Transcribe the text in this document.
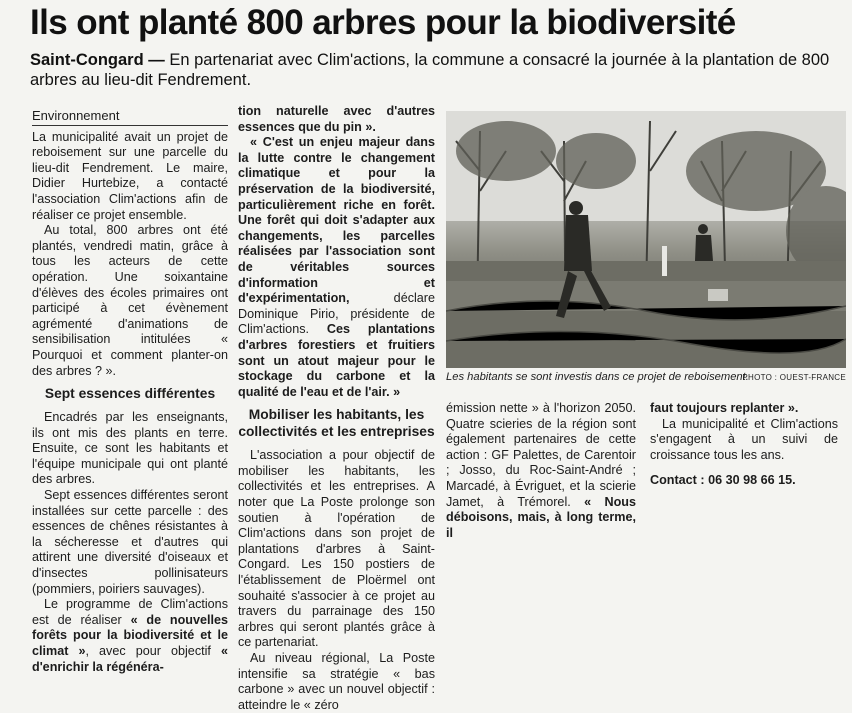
Ils ont planté 800 arbres pour la biodiversité

Saint-Congard — En partenariat avec Clim'actions, la commune a consacré la journée à la plantation de 800 arbres au lieu-dit Fendrement.

Environnement

La municipalité avait un projet de reboisement sur une parcelle du lieu-dit Fendrement. Le maire, Didier Hurtebize, a contacté l'association Clim'actions afin de réaliser ce projet ensemble.

Au total, 800 arbres ont été plantés, vendredi matin, grâce à tous les acteurs de cette opération. Une soixantaine d'élèves des écoles primaires ont participé à cet évènement agrémenté d'animations de sensibilisation intitulées « Pourquoi et comment planter-on des arbres ? ».

Sept essences différentes

Encadrés par les enseignants, ils ont mis des plants en terre. Ensuite, ce sont les habitants et l'équipe municipale qui ont planté des arbres.

Sept essences différentes seront installées sur cette parcelle : des essences de chênes résistantes à la sécheresse et d'autres qui attirent une diversité d'oiseaux et d'insectes pollinisateurs (pommiers, poiriers sauvages).

Le programme de Clim'actions est de réaliser « de nouvelles forêts pour la biodiversité et le climat », avec pour objectif « d'enrichir la régénéra-

tion naturelle avec d'autres essences que du pin ».

« C'est un enjeu majeur dans la lutte contre le changement climatique et pour la préservation de la biodiversité, particulièrement riche en forêt. Une forêt qui doit s'adapter aux changements, les parcelles réalisées par l'association sont de véritables sources d'information et d'expérimentation, déclare Dominique Pirio, présidente de Clim'actions. Ces plantations d'arbres forestiers et fruitiers sont un atout majeur pour le stockage du carbone et la qualité de l'eau et de l'air. »

Mobiliser les habitants, les collectivités et les entreprises

L'association a pour objectif de mobiliser les habitants, les collectivités et les entreprises. A noter que La Poste prolonge son soutien à l'opération de Clim'actions dans son projet de plantations d'arbres à Saint-Congard. Les 150 postiers de l'établissement de Ploërmel ont souhaité s'associer à ce projet au travers du parrainage des 150 arbres qui seront plantés grâce à ce partenariat.

Au niveau régional, La Poste intensifie sa stratégie « bas carbone » avec un nouvel objectif : atteindre le « zéro

Les habitants se sont investis dans ce projet de reboisement.
PHOTO : OUEST-FRANCE

émission nette » à l'horizon 2050. Quatre scieries de la région sont également partenaires de cette action : GF Palettes, de Carentoir ; Josso, du Roc-Saint-André ; Marcadé, à Évriguet, et la scierie Jamet, à Trémorel. « Nous déboisons, mais, à long terme, il

faut toujours replanter ».

La municipalité et Clim'actions s'engagent à un suivi de croissance tous les ans.

Contact : 06 30 98 66 15.
